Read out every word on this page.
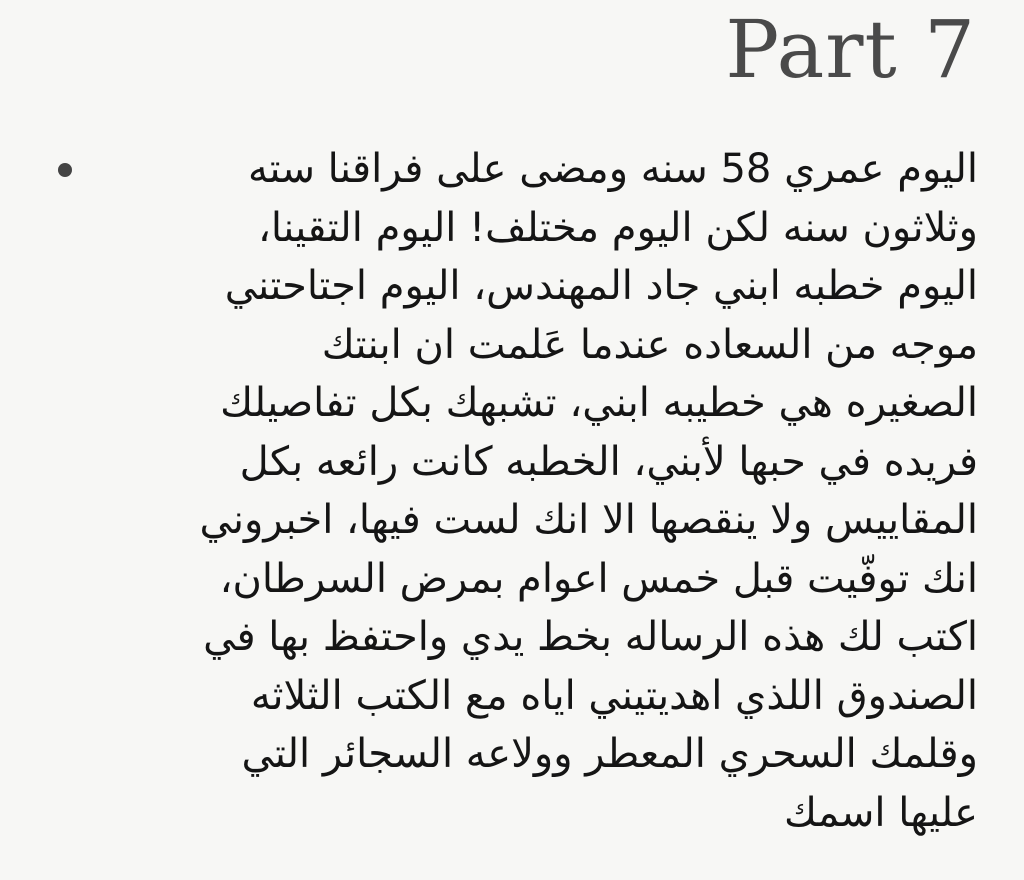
Part 7
اليوم عمري 58 سنه ومضى على فراقنا سته
وثلاثون سنه لكن اليوم مختلف! اليوم التقينا،
اليوم خطبه ابني جاد المهندس، اليوم اجتاحتني
موجه من السعاده عندما عَلمت ان ابنتك
الصغيره هي خطيبه ابني، تشبهك بكل تفاصيلك
فريده في حبها لأبني، الخطبه كانت رائعه بكل
المقاييس ولا ينقصها الا انك لست فيها، اخبروني
انك توفّيت قبل خمس اعوام بمرض السرطان،
اكتب لك هذه الرساله بخط يدي واحتفظ بها في
الصندوق اللذي اهديتيني اياه مع الكتب الثلاثه
وقلمك السحري المعطر وولاعه السجائر التي
عليها اسمك
